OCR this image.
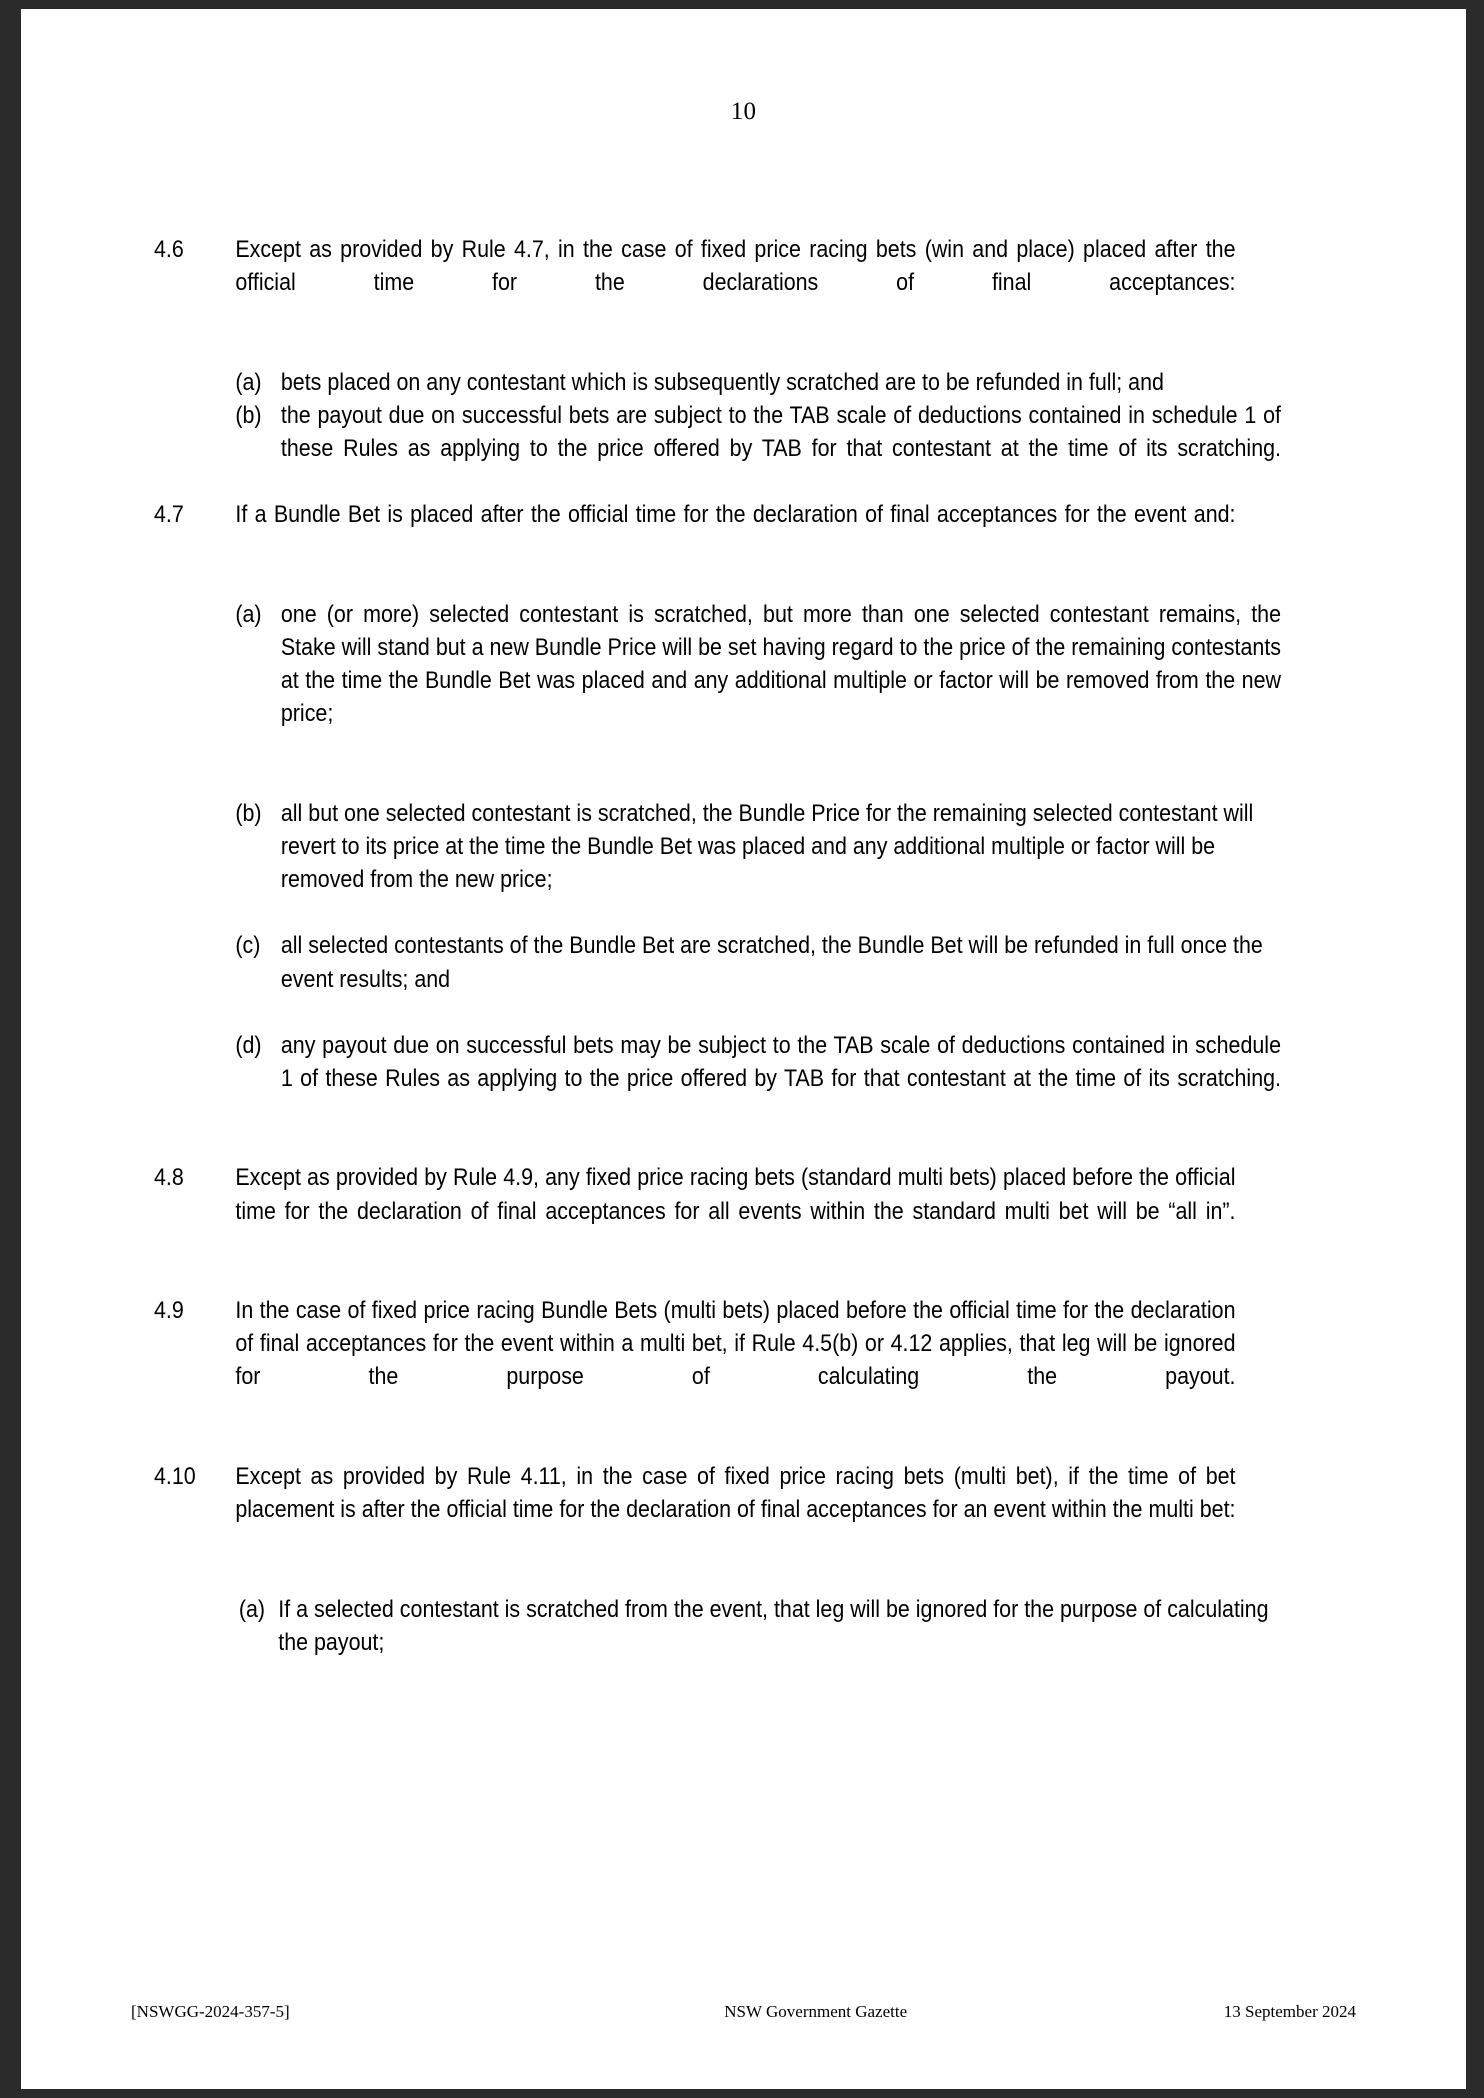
10
4.6	Except as provided by Rule 4.7, in the case of fixed price racing bets (win and place) placed after the official time for the declarations of final acceptances:
(a) bets placed on any contestant which is subsequently scratched are to be refunded in full; and
(b) the payout due on successful bets are subject to the TAB scale of deductions contained in schedule 1 of these Rules as applying to the price offered by TAB for that contestant at the time of its scratching.
4.7	If a Bundle Bet is placed after the official time for the declaration of final acceptances for the event and:
(a) one (or more) selected contestant is scratched, but more than one selected contestant remains, the Stake will stand but a new Bundle Price will be set having regard to the price of the remaining contestants at the time the Bundle Bet was placed and any additional multiple or factor will be removed from the new price;
(b) all but one selected contestant is scratched, the Bundle Price for the remaining selected contestant will revert to its price at the time the Bundle Bet was placed and any additional multiple or factor will be removed from the new price;
(c) all selected contestants of the Bundle Bet are scratched, the Bundle Bet will be refunded in full once the event results; and
(d) any payout due on successful bets may be subject to the TAB scale of deductions contained in schedule 1 of these Rules as applying to the price offered by TAB for that contestant at the time of its scratching.
4.8	Except as provided by Rule 4.9, any fixed price racing bets (standard multi bets) placed before the official time for the declaration of final acceptances for all events within the standard multi bet will be “all in”.
4.9	In the case of fixed price racing Bundle Bets (multi bets) placed before the official time for the declaration of final acceptances for the event within a multi bet, if Rule 4.5(b) or 4.12 applies, that leg will be ignored for the purpose of calculating the payout.
4.10	Except as provided by Rule 4.11, in the case of fixed price racing bets (multi bet), if the time of bet placement is after the official time for the declaration of final acceptances for an event within the multi bet:
(a) If a selected contestant is scratched from the event, that leg will be ignored for the purpose of calculating the payout;
[NSWGG-2024-357-5]	NSW Government Gazette	13 September 2024
